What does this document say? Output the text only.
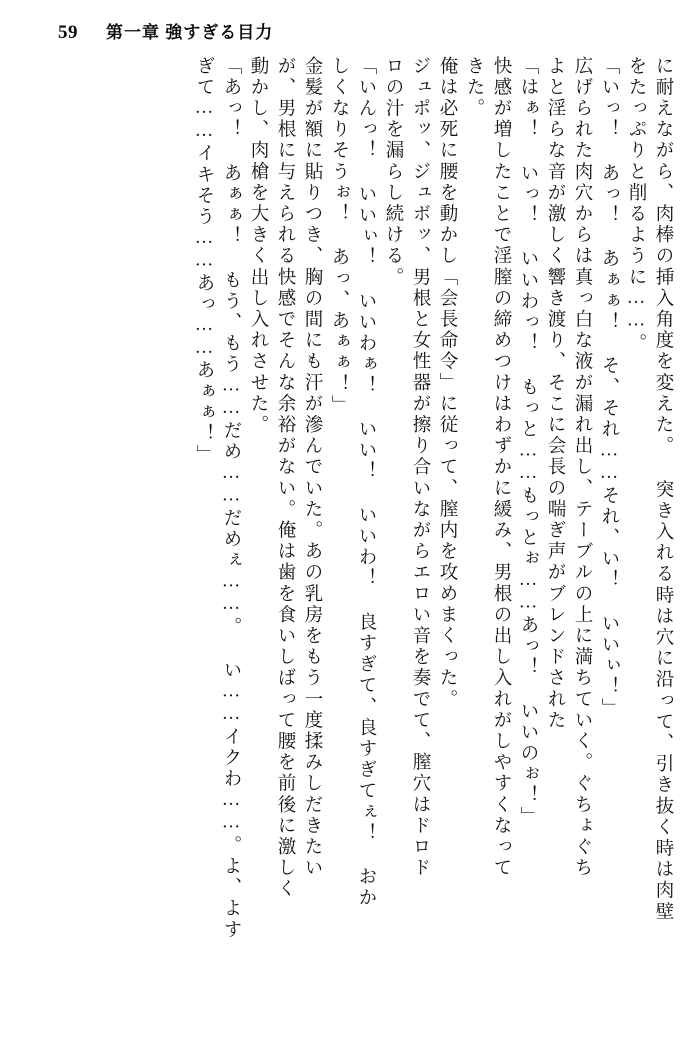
59 第一章 強すぎる目力
に耐えながら、肉棒の挿入角度を変えた。 突き入れる時は穴に沿って、引き抜く時は肉壁
をたっぷりと削るように……。
「いっ！ あっ！ あぁぁ！ そ、それ……それ、い！ いいぃ！」
広げられた肉穴からは真っ白な液が漏れ出し、テーブルの上に満ちていく。ぐちょぐち
よと淫らな音が激しく響き渡り、そこに会長の喘ぎ声がブレンドされた
「はぁ！ いっ！ いいわっ！ もっと……もっとぉ……あっ！ いいのぉ！」
快感が増したことで淫膣の締めつけはわずかに緩み、男根の出し入れがしやすくなって
きた。
俺は必死に腰を動かし「会長命令」に従って、膣内を攻めまくった。
ジュポッ、ジュボッ、男根と女性器が擦り合いながらエロい音を奏でて、膣穴はドロド
ロの汁を漏らし続ける。
「いんっ！ いいぃ！ いいわぁ！ いい！ いいわ！ 良すぎて、良すぎてぇ！ おか
しくなりそうぉ！ あっ、あぁぁ！」
金髪が額に貼りつき、胸の間にも汗が滲んでいた。あの乳房をもう一度揉みしだきたい
が、男根に与えられる快感でそんな余裕がない。俺は歯を食いしばって腰を前後に激しく
動かし、肉槍を大きく出し入れさせた。
「あっ！ あぁぁ！ もう、もう……だめ……だめぇ……。 い……イクわ……。よ、よす
ぎて……イキそう……あっ……あぁぁ！」
